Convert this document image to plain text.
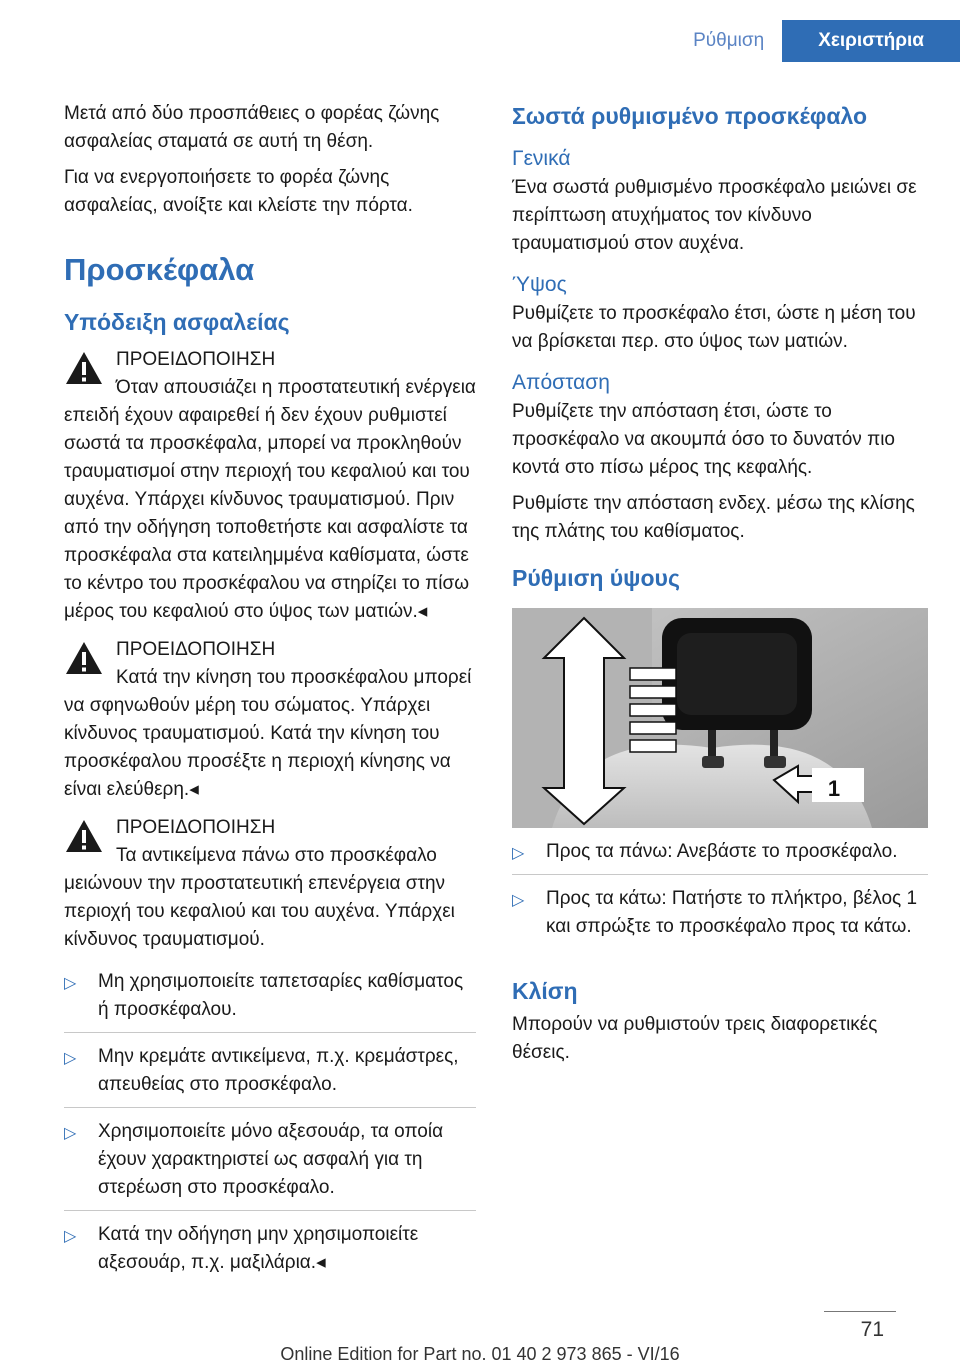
Ρύθμιση	Χειριστήρια

Μετά από δύο προσπάθειες ο φορέας ζώνης ασφαλείας σταματά σε αυτή τη θέση.

Για να ενεργοποιήσετε το φορέα ζώνης ασφαλείας, ανοίξτε και κλείστε την πόρτα.

Προσκέφαλα
Υπόδειξη ασφαλείας
ΠΡΟΕΙΔΟΠΟΙΗΣΗ
Όταν απουσιάζει η προστατευτική ενέργεια επειδή έχουν αφαιρεθεί ή δεν έχουν ρυθμιστεί σωστά τα προσκέφαλα, μπορεί να προκληθούν τραυματισμοί στην περιοχή του κεφαλιού και του αυχένα. Υπάρχει κίνδυνος τραυματισμού. Πριν από την οδήγηση τοποθετήστε και ασφαλίστε τα προσκέφαλα στα κατειλημμένα καθίσματα, ώστε το κέντρο του προσκέφαλου να στηρίζει το πίσω μέρος του κεφαλιού στο ύψος των ματιών.◂
ΠΡΟΕΙΔΟΠΟΙΗΣΗ
Κατά την κίνηση του προσκέφαλου μπορεί να σφηνωθούν μέρη του σώματος. Υπάρχει κίνδυνος τραυματισμού. Κατά την κίνηση του προσκέφαλου προσέξτε η περιοχή κίνησης να είναι ελεύθερη.◂
ΠΡΟΕΙΔΟΠΟΙΗΣΗ
Τα αντικείμενα πάνω στο προσκέφαλο μειώνουν την προστατευτική επενέργεια στην περιοχή του κεφαλιού και του αυχένα. Υπάρχει κίνδυνος τραυματισμού.
▷ Μη χρησιμοποιείτε ταπετσαρίες καθίσματος ή προσκέφαλου.
▷ Μην κρεμάτε αντικείμενα, π.χ. κρεμάστρες, απευθείας στο προσκέφαλο.
▷ Χρησιμοποιείτε μόνο αξεσουάρ, τα οποία έχουν χαρακτηριστεί ως ασφαλή για τη στερέωση στο προσκέφαλο.
▷ Κατά την οδήγηση μην χρησιμοποιείτε αξεσουάρ, π.χ. μαξιλάρια.◂
Σωστά ρυθμισμένο προσκέφαλο
Γενικά

Ένα σωστά ρυθμισμένο προσκέφαλο μειώνει σε περίπτωση ατυχήματος τον κίνδυνο τραυματισμού στον αυχένα.

Ύψος

Ρυθμίζετε το προσκέφαλο έτσι, ώστε η μέση του να βρίσκεται περ. στο ύψος των ματιών.

Απόσταση

Ρυθμίζετε την απόσταση έτσι, ώστε το προσκέφαλο να ακουμπά όσο το δυνατόν πιο κοντά στο πίσω μέρος της κεφαλής.

Ρυθμίστε την απόσταση ενδεχ. μέσω της κλίσης της πλάτης του καθίσματος.

Ρύθμιση ύψους
1
▷ Προς τα πάνω: Ανεβάστε το προσκέφαλο.
▷ Προς τα κάτω: Πατήστε το πλήκτρο, βέλος 1 και σπρώξτε το προσκέφαλο προς τα κάτω.
Κλίση

Μπορούν να ρυθμιστούν τρεις διαφορετικές θέσεις.

71
Online Edition for Part no. 01 40 2 973 865 - VI/16
